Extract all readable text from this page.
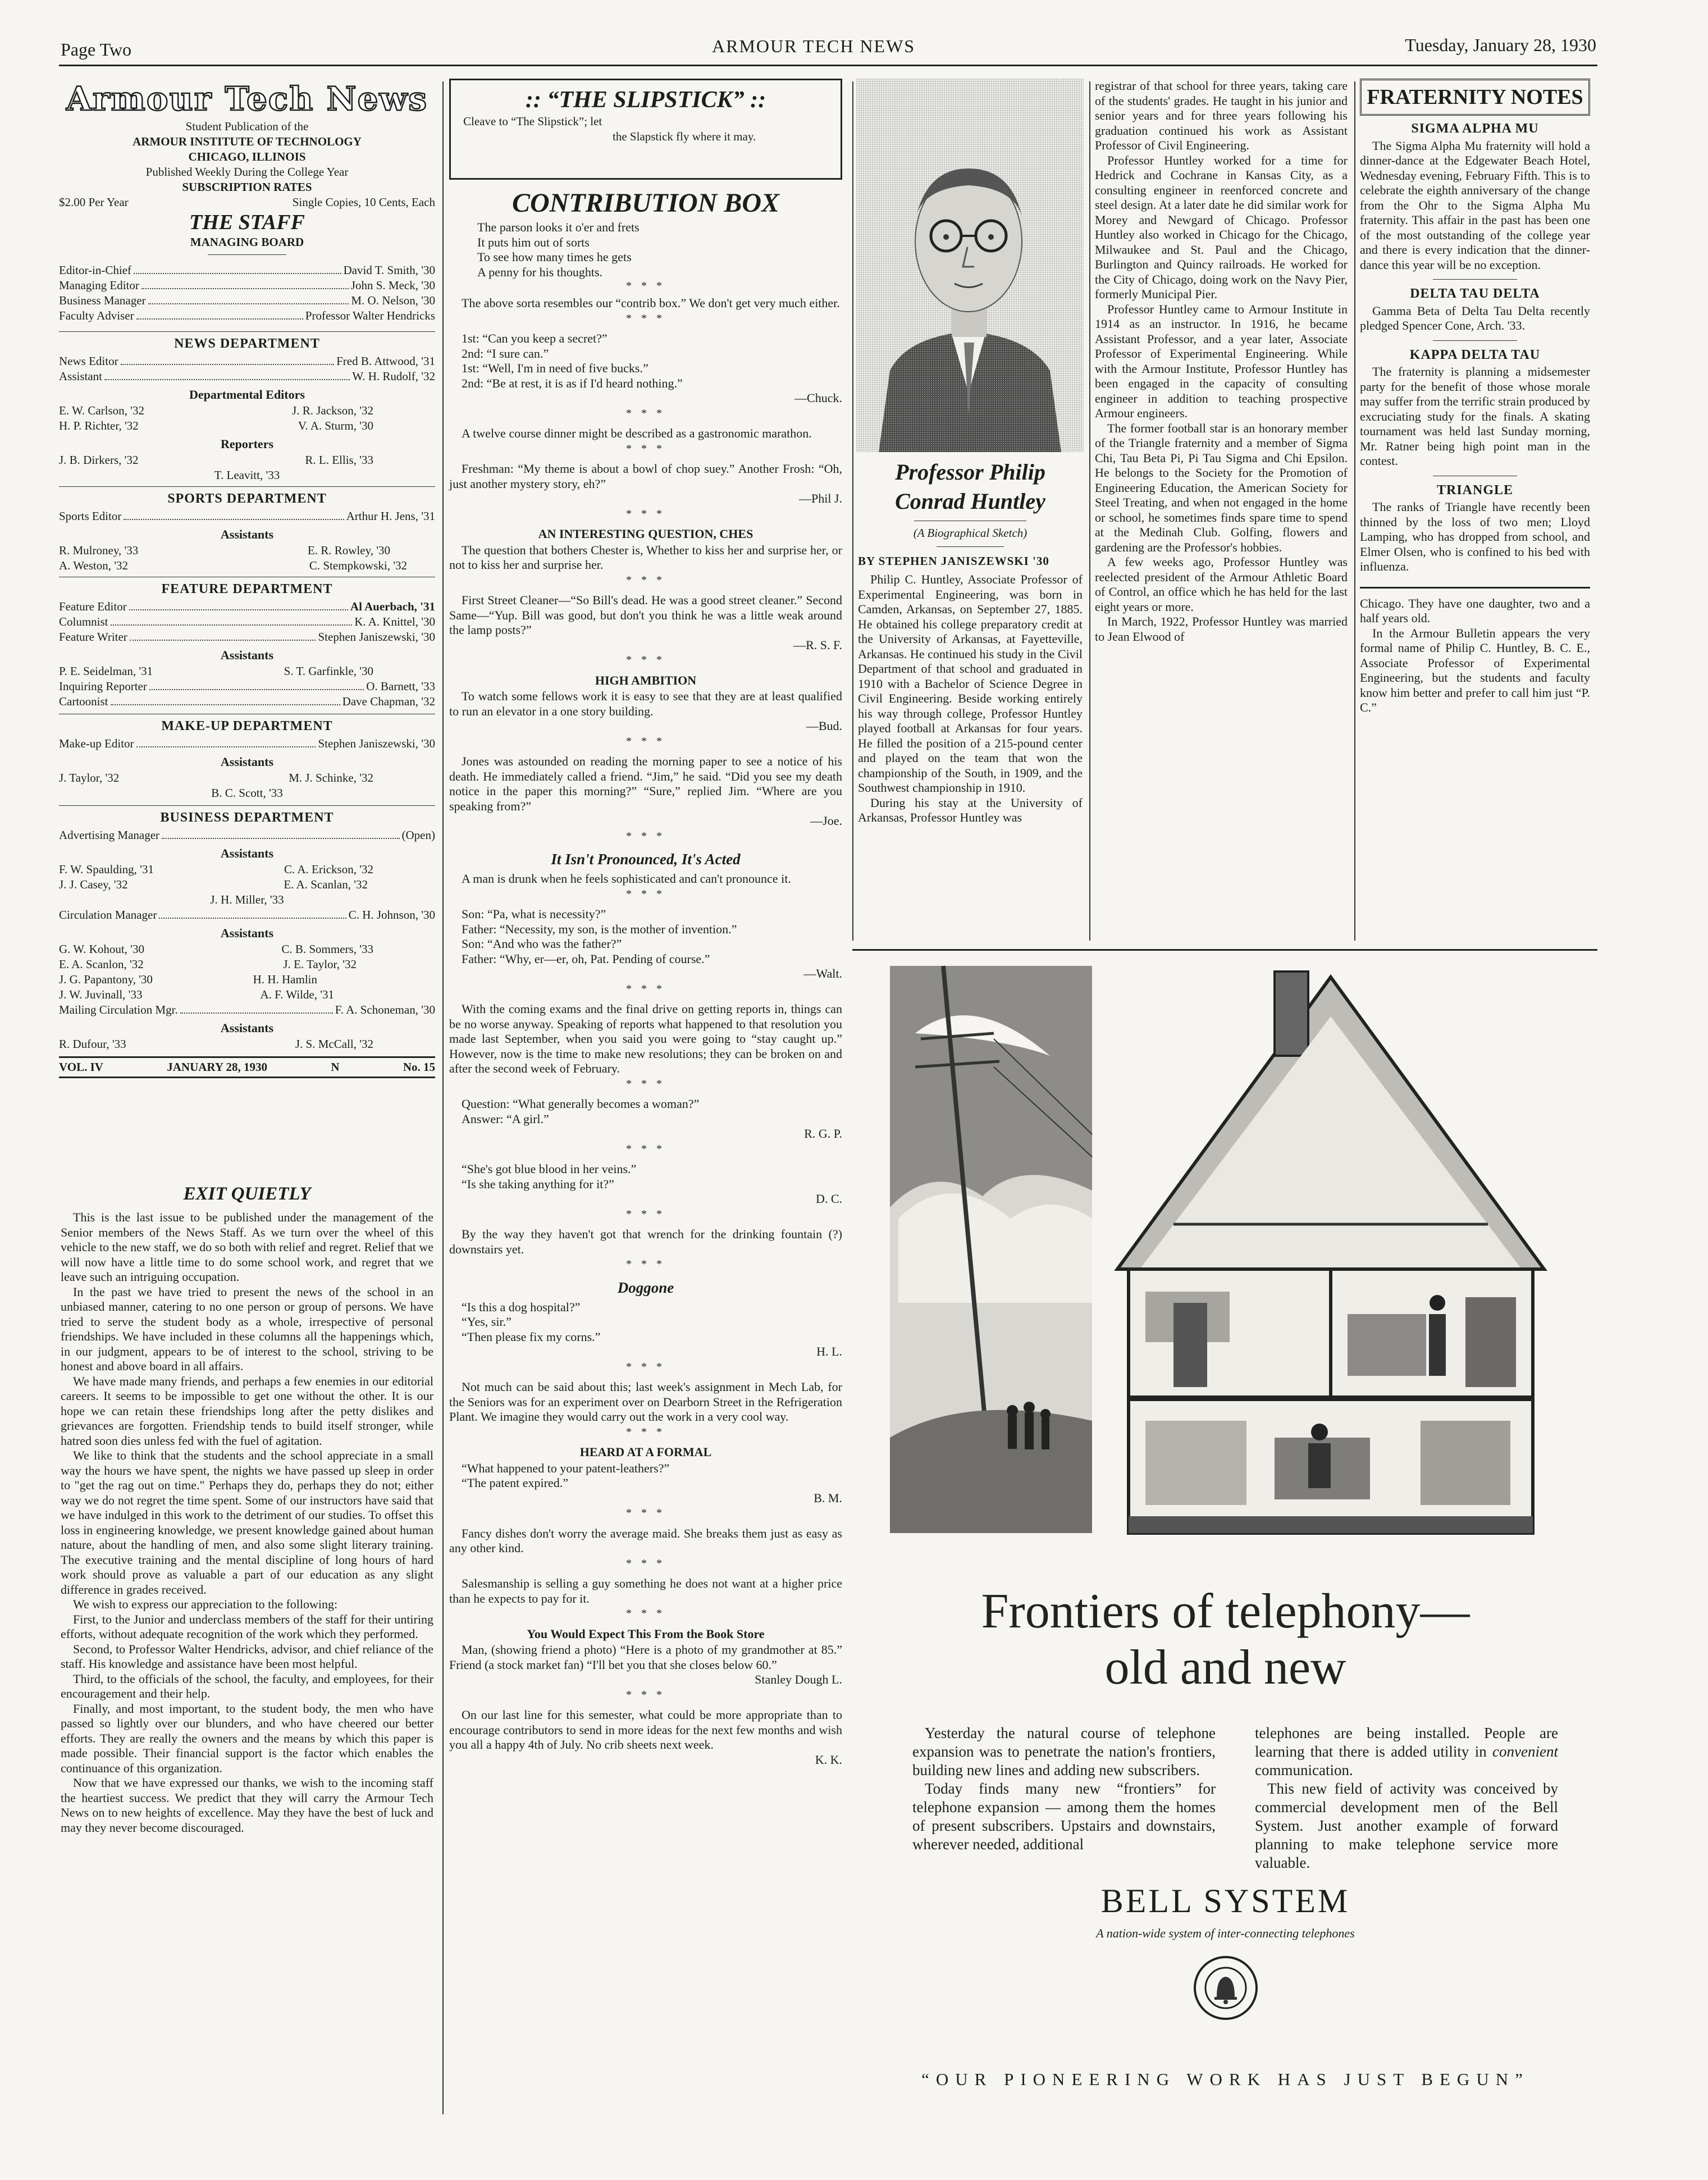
Page Two	ARMOUR TECH NEWS	Tuesday, January 28, 1930
Armour Tech News
Student Publication of the
ARMOUR INSTITUTE OF TECHNOLOGY
CHICAGO, ILLINOIS
Published Weekly During the College Year
SUBSCRIPTION RATES
$2.00 Per Year	Single Copies, 10 Cents, Each
THE STAFF
MANAGING BOARD
Editor-in-Chief	David T. Smith, '30
Managing Editor	John S. Meck, '30
Business Manager	M. O. Nelson, '30
Faculty Adviser	Professor Walter Hendricks
NEWS DEPARTMENT
News Editor	Fred B. Attwood, '31
Assistant	W. H. Rudolf, '32
Departmental Editors
E. W. Carlson, '32	J. R. Jackson, '32
H. P. Richter, '32	V. A. Sturm, '30
Reporters
J. B. Dirkers, '32	R. L. Ellis, '33
T. Leavitt, '33
SPORTS DEPARTMENT
Sports Editor	Arthur H. Jens, '31
Assistants
R. Mulroney, '33	E. R. Rowley, '30
A. Weston, '32	C. Stempkowski, '32
FEATURE DEPARTMENT
Feature Editor	Al Auerbach, '31
Columnist	K. A. Knittel, '30
Feature Writer	Stephen Janiszewski, '30
Assistants
P. E. Seidelman, '31	S. T. Garfinkle, '30
Inquiring Reporter	O. Barnett, '33
Cartoonist	Dave Chapman, '32
MAKE-UP DEPARTMENT
Make-up Editor	Stephen Janiszewski, '30
Assistants
J. Taylor, '32	M. J. Schinke, '32
B. C. Scott, '33
BUSINESS DEPARTMENT
Advertising Manager	(Open)
Assistants
F. W. Spaulding, '31	C. A. Erickson, '32
J. J. Casey, '32	E. A. Scanlan, '32
J. H. Miller, '33
Circulation Manager	C. H. Johnson, '30
Assistants
G. W. Kohout, '30	C. B. Sommers, '33
E. A. Scanlon, '32	J. E. Taylor, '32
J. G. Papantony, '30	H. H. Hamlin
J. W. Juvinall, '33	A. F. Wilde, '31
Mailing Circulation Mgr.	F. A. Schoneman, '30
Assistants
R. Dufour, '33	J. S. McCall, '32
VOL. IV	JANUARY 28, 1930	N	No. 15
EXIT QUIETLY

This is the last issue to be published under the management of the Senior members of the News Staff. As we turn over the wheel of this vehicle to the new staff, we do so both with relief and regret. Relief that we will now have a little time to do some school work, and regret that we leave such an intriguing occupation.

In the past we have tried to present the news of the school in an unbiased manner, catering to no one person or group of persons. We have tried to serve the student body as a whole, irrespective of personal friendships. We have included in these columns all the happenings which, in our judgment, appears to be of interest to the school, striving to be honest and above board in all affairs.

We have made many friends, and perhaps a few enemies in our editorial careers. It seems to be impossible to get one without the other. It is our hope we can retain these friendships long after the petty dislikes and grievances are forgotten. Friendship tends to build itself stronger, while hatred soon dies unless fed with the fuel of agitation.

We like to think that the students and the school appreciate in a small way the hours we have spent, the nights we have passed up sleep in order to "get the rag out on time." Perhaps they do, perhaps they do not; either way we do not regret the time spent. Some of our instructors have said that we have indulged in this work to the detriment of our studies. To offset this loss in engineering knowledge, we present knowledge gained about human nature, about the handling of men, and also some slight literary training. The executive training and the mental discipline of long hours of hard work should prove as valuable a part of our education as any slight difference in grades received.

We wish to express our appreciation to the following:

First, to the Junior and underclass members of the staff for their untiring efforts, without adequate recognition of the work which they performed.

Second, to Professor Walter Hendricks, advisor, and chief reliance of the staff. His knowledge and assistance have been most helpful.

Third, to the officials of the school, the faculty, and employees, for their encouragement and their help.

Finally, and most important, to the student body, the men who have passed so lightly over our blunders, and who have cheered our better efforts. They are really the owners and the means by which this paper is made possible. Their financial support is the factor which enables the continuance of this organization.

Now that we have expressed our thanks, we wish to the incoming staff the heartiest success. We predict that they will carry the Armour Tech News on to new heights of excellence. May they have the best of luck and may they never become discouraged.

:: “THE SLIPSTICK” ::
Cleave to “The Slipstick”; let
the Slapstick fly where it may.
CONTRIBUTION BOX
The parson looks it o'er and frets
It puts him out of sorts
To see how many times he gets
A penny for his thoughts.
* * *

The above sorta resembles our “contrib box.” We don't get very much either.

* * *
1st: “Can you keep a secret?”
2nd: “I sure can.”
1st: “Well, I'm in need of five bucks.”
2nd: “Be at rest, it is as if I'd heard nothing.”
—Chuck.
* * *

A twelve course dinner might be described as a gastronomic marathon.

* * *

Freshman: “My theme is about a bowl of chop suey.” Another Frosh: “Oh, just another mystery story, eh?”

—Phil J.
* * *
AN INTERESTING QUESTION, CHES

The question that bothers Chester is, Whether to kiss her and surprise her, or not to kiss her and surprise her.

* * *

First Street Cleaner—“So Bill's dead. He was a good street cleaner.” Second Same—“Yup. Bill was good, but don't you think he was a little weak around the lamp posts?”

—R. S. F.
* * *
HIGH AMBITION

To watch some fellows work it is easy to see that they are at least qualified to run an elevator in a one story building.

—Bud.
* * *

Jones was astounded on reading the morning paper to see a notice of his death. He immediately called a friend. “Jim,” he said. “Did you see my death notice in the paper this morning?” “Sure,” replied Jim. “Where are you speaking from?”

—Joe.
* * *
It Isn't Pronounced, It's Acted

A man is drunk when he feels sophisticated and can't pronounce it.

* * *
Son: “Pa, what is necessity?”
Father: “Necessity, my son, is the mother of invention.”
Son: “And who was the father?”
Father: “Why, er—er, oh, Pat. Pending of course.”
—Walt.
* * *

With the coming exams and the final drive on getting reports in, things can be no worse anyway. Speaking of reports what happened to that resolution you made last September, when you said you were going to “stay caught up.” However, now is the time to make new resolutions; they can be broken on and after the second week of February.

* * *
Question: “What generally becomes a woman?”
Answer: “A girl.”
R. G. P.
* * *
“She's got blue blood in her veins.”
“Is she taking anything for it?”
D. C.
* * *

By the way they haven't got that wrench for the drinking fountain (?) downstairs yet.

* * *
Doggone
“Is this a dog hospital?”
“Yes, sir.”
“Then please fix my corns.”
H. L.
* * *

Not much can be said about this; last week's assignment in Mech Lab, for the Seniors was for an experiment over on Dearborn Street in the Refrigeration Plant. We imagine they would carry out the work in a very cool way.

* * *
HEARD AT A FORMAL
“What happened to your patent-leathers?”
“The patent expired.”
B. M.
* * *

Fancy dishes don't worry the average maid. She breaks them just as easy as any other kind.

* * *

Salesmanship is selling a guy something he does not want at a higher price than he expects to pay for it.

* * *
You Would Expect This From the Book Store

Man, (showing friend a photo) “Here is a photo of my grandmother at 85.” Friend (a stock market fan) “I'll bet you that she closes below 60.”

Stanley Dough L.
* * *

On our last line for this semester, what could be more appropriate than to encourage contributors to send in more ideas for the next few months and wish you all a happy 4th of July. No crib sheets next week.

K. K.
Professor Philip
Conrad Huntley
(A Biographical Sketch)
BY STEPHEN JANISZEWSKI '30

Philip C. Huntley, Associate Professor of Experimental Engineering, was born in Camden, Arkansas, on September 27, 1885. He obtained his college preparatory credit at the University of Arkansas, at Fayetteville, Arkansas. He continued his study in the Civil Department of that school and graduated in 1910 with a Bachelor of Science Degree in Civil Engineering. Beside working entirely his way through college, Professor Huntley played football at Arkansas for four years. He filled the position of a 215-pound center and played on the team that won the championship of the South, in 1909, and the Southwest championship in 1910.

During his stay at the University of Arkansas, Professor Huntley was

registrar of that school for three years, taking care of the students' grades. He taught in his junior and senior years and for three years following his graduation continued his work as Assistant Professor of Civil Engineering.

Professor Huntley worked for a time for Hedrick and Cochrane in Kansas City, as a consulting engineer in reenforced concrete and steel design. At a later date he did similar work for Morey and Newgard of Chicago. Professor Huntley also worked in Chicago for the Chicago, Milwaukee and St. Paul and the Chicago, Burlington and Quincy railroads. He worked for the City of Chicago, doing work on the Navy Pier, formerly Municipal Pier.

Professor Huntley came to Armour Institute in 1914 as an instructor. In 1916, he became Assistant Professor, and a year later, Associate Professor of Experimental Engineering. While with the Armour Institute, Professor Huntley has been engaged in the capacity of consulting engineer in addition to teaching prospective Armour engineers.

The former football star is an honorary member of the Triangle fraternity and a member of Sigma Chi, Tau Beta Pi, Pi Tau Sigma and Chi Epsilon. He belongs to the Society for the Promotion of Engineering Education, the American Society for Steel Treating, and when not engaged in the home or school, he sometimes finds spare time to spend at the Medinah Club. Golfing, flowers and gardening are the Professor's hobbies.

A few weeks ago, Professor Huntley was reelected president of the Armour Athletic Board of Control, an office which he has held for the last eight years or more.

In March, 1922, Professor Huntley was married to Jean Elwood of

FRATERNITY NOTES
SIGMA ALPHA MU

The Sigma Alpha Mu fraternity will hold a dinner-dance at the Edgewater Beach Hotel, Wednesday evening, February Fifth. This is to celebrate the eighth anniversary of the change from the Ohr to the Sigma Alpha Mu fraternity. This affair in the past has been one of the most outstanding of the college year and there is every indication that the dinner-dance this year will be no exception.

DELTA TAU DELTA

Gamma Beta of Delta Tau Delta recently pledged Spencer Cone, Arch. '33.

KAPPA DELTA TAU

The fraternity is planning a midsemester party for the benefit of those whose morale may suffer from the terrific strain produced by excruciating study for the finals. A skating tournament was held last Sunday morning, Mr. Ratner being high point man in the contest.

TRIANGLE

The ranks of Triangle have recently been thinned by the loss of two men; Lloyd Lamping, who has dropped from school, and Elmer Olsen, who is confined to his bed with influenza.

Chicago. They have one daughter, two and a half years old.

In the Armour Bulletin appears the very formal name of Philip C. Huntley, B. C. E., Associate Professor of Experimental Engineering, but the students and faculty know him better and prefer to call him just “P. C.”

Frontiers of telephony—
old and new

Yesterday the natural course of telephone expansion was to penetrate the nation's frontiers, building new lines and adding new subscribers.

Today finds many new “frontiers” for telephone expansion — among them the homes of present subscribers. Upstairs and downstairs, wherever needed, additional

telephones are being installed. People are learning that there is added utility in convenient communication.

This new field of activity was conceived by commercial development men of the Bell System. Just another example of forward planning to make telephone service more valuable.

BELL SYSTEM
A nation-wide system of inter-connecting telephones
“OUR PIONEERING WORK HAS JUST BEGUN”
